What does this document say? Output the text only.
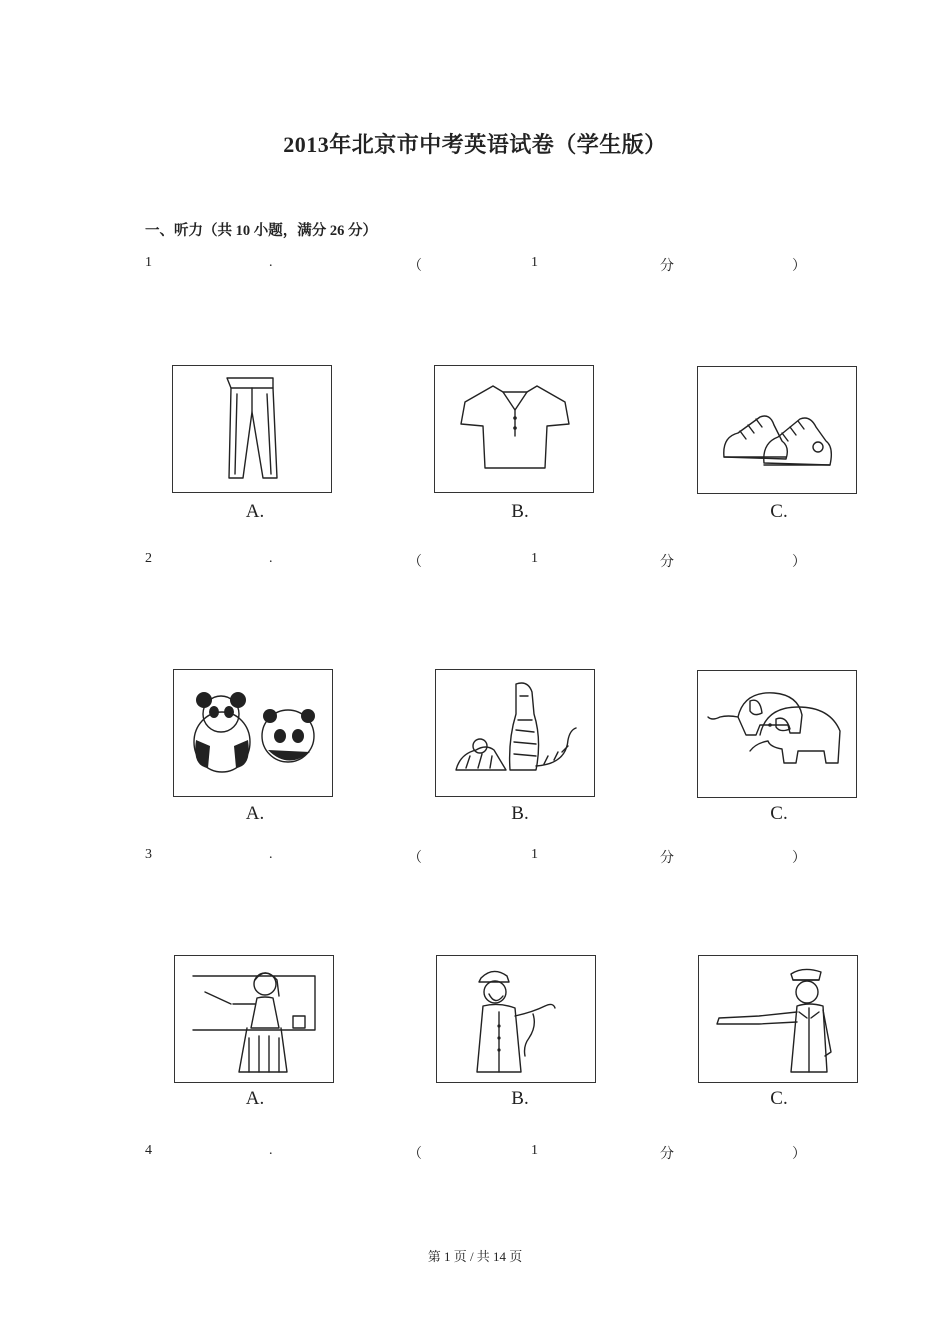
2013年北京市中考英语试卷（学生版）
一、听力（共 10 小题，满分 26 分）
1	.	（	1	分	）
A.	B.	C.
2	.	（	1	分	）
A.	B.	C.
3	.	（	1	分	）
A.	B.	C.
4	.	（	1	分	）
第 1 页 / 共 14 页
